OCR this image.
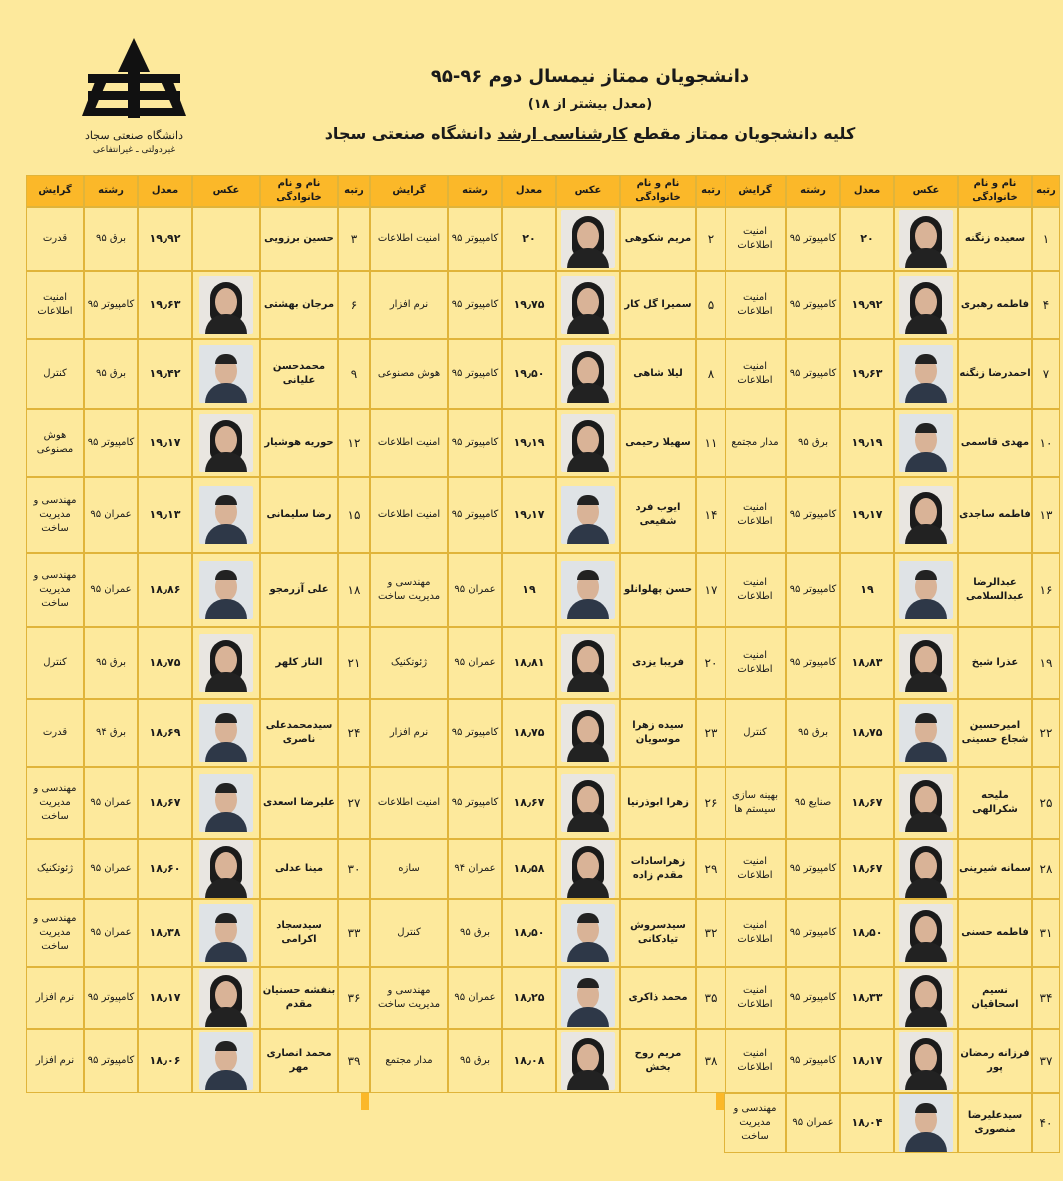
دانشگاه صنعتی سجاد
غیردولتی ـ غیرانتفاعی
دانشجویان ممتاز نیمسال دوم ۹۶-۹۵
(معدل بیشتر از ۱۸)
کلیه دانشجویان ممتاز مقطع کارشناسی ارشد دانشگاه صنعتی سجاد
رتبه	نام و نام خانوادگی	عکس	معدل	رشته	گرایش
۱	سعیده زنگنه		۲۰	کامپیوتر ۹۵	امنیت اطلاعات
۴	فاطمه رهبری		۱۹٫۹۲	کامپیوتر ۹۵	امنیت اطلاعات
۷	احمدرضا زنگنه		۱۹٫۶۳	کامپیوتر ۹۵	امنیت اطلاعات
۱۰	مهدی قاسمی		۱۹٫۱۹	برق ۹۵	مدار مجتمع
۱۳	فاطمه ساجدی		۱۹٫۱۷	کامپیوتر ۹۵	امنیت اطلاعات
۱۶	عبدالرضا عبدالسلامی		۱۹	کامپیوتر ۹۵	امنیت اطلاعات
۱۹	عذرا شیخ		۱۸٫۸۳	کامپیوتر ۹۵	امنیت اطلاعات
۲۲	امیرحسین شجاع حسینی		۱۸٫۷۵	برق ۹۵	کنترل
۲۵	ملیحه شکرالهی		۱۸٫۶۷	صنایع ۹۵	بهینه سازی سیستم ها
۲۸	سمانه شیرینی		۱۸٫۶۷	کامپیوتر ۹۵	امنیت اطلاعات
۳۱	فاطمه حسنی		۱۸٫۵۰	کامپیوتر ۹۵	امنیت اطلاعات
۳۴	نسیم اسحاقیان		۱۸٫۳۳	کامپیوتر ۹۵	امنیت اطلاعات
۳۷	فرزانه رمضان پور		۱۸٫۱۷	کامپیوتر ۹۵	امنیت اطلاعات
۴۰	سیدعلیرضا منصوری		۱۸٫۰۴	عمران ۹۵	مهندسی و مدیریت ساخت
رتبه	نام و نام خانوادگی	عکس	معدل	رشته	گرایش
۲	مریم شکوهی		۲۰	کامپیوتر ۹۵	امنیت اطلاعات
۵	سمیرا گل کار		۱۹٫۷۵	کامپیوتر ۹۵	نرم افزار
۸	لیلا شاهی		۱۹٫۵۰	کامپیوتر ۹۵	هوش مصنوعی
۱۱	سهیلا رحیمی		۱۹٫۱۹	کامپیوتر ۹۵	امنیت اطلاعات
۱۴	ایوب فرد شفیعی		۱۹٫۱۷	کامپیوتر ۹۵	امنیت اطلاعات
۱۷	حسن پهلوانلو		۱۹	عمران ۹۵	مهندسی و مدیریت ساخت
۲۰	فریبا یزدی		۱۸٫۸۱	عمران ۹۵	ژئوتکنیک
۲۳	سیده زهرا موسویان		۱۸٫۷۵	کامپیوتر ۹۵	نرم افزار
۲۶	زهرا ابوذرنیا		۱۸٫۶۷	کامپیوتر ۹۵	امنیت اطلاعات
۲۹	زهراسادات مقدم زاده		۱۸٫۵۸	عمران ۹۴	سازه
۳۲	سیدسروش تیادکانی		۱۸٫۵۰	برق ۹۵	کنترل
۳۵	محمد ذاکری		۱۸٫۲۵	عمران ۹۵	مهندسی و مدیریت ساخت
۳۸	مریم روح بخش		۱۸٫۰۸	برق ۹۵	مدار مجتمع
رتبه	نام و نام خانوادگی	عکس	معدل	رشته	گرایش
۳	حسین برزویی		۱۹٫۹۲	برق ۹۵	قدرت
۶	مرجان بهشتی		۱۹٫۶۳	کامپیوتر ۹۵	امنیت اطلاعات
۹	محمدحسن علیانی		۱۹٫۴۲	برق ۹۵	کنترل
۱۲	حوریه هوشیار		۱۹٫۱۷	کامپیوتر ۹۵	هوش مصنوعی
۱۵	رضا سلیمانی		۱۹٫۱۳	عمران ۹۵	مهندسی و مدیریت ساخت
۱۸	علی آزرمجو		۱۸٫۸۶	عمران ۹۵	مهندسی و مدیریت ساخت
۲۱	الناز کلهر		۱۸٫۷۵	برق ۹۵	کنترل
۲۴	سیدمحمدعلی ناصری		۱۸٫۶۹	برق ۹۴	قدرت
۲۷	علیرضا اسعدی		۱۸٫۶۷	عمران ۹۵	مهندسی و مدیریت ساخت
۳۰	مینا عدلی		۱۸٫۶۰	عمران ۹۵	ژئوتکنیک
۳۳	سیدسجاد اکرامی		۱۸٫۳۸	عمران ۹۵	مهندسی و مدیریت ساخت
۳۶	بنفشه حسنیان مقدم		۱۸٫۱۷	کامپیوتر ۹۵	نرم افزار
۳۹	محمد انصاری مهر		۱۸٫۰۶	کامپیوتر ۹۵	نرم افزار
